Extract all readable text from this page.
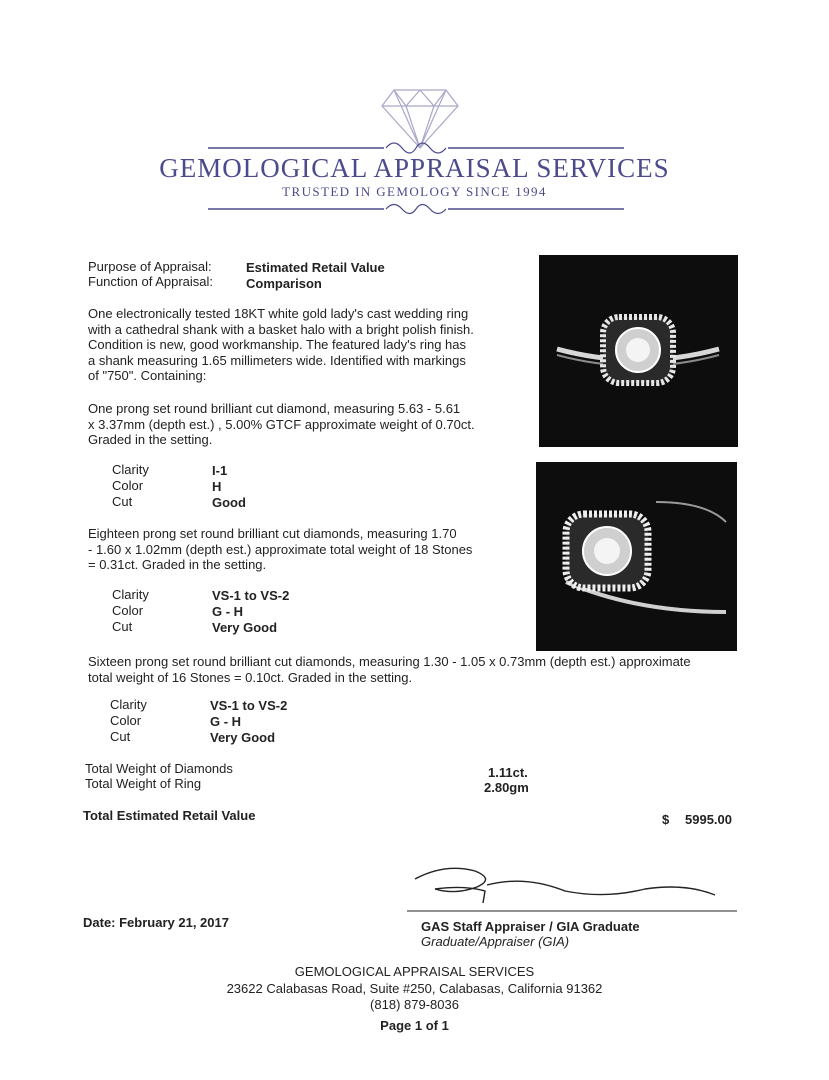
GEMOLOGICAL APPRAISAL SERVICES
TRUSTED IN GEMOLOGY SINCE 1994
Purpose of Appraisal:	Estimated Retail Value
Function of Appraisal:	Comparison
One electronically tested 18KT white gold lady's cast wedding ring
with a cathedral shank with a basket halo with a bright polish finish.
Condition is new, good workmanship. The featured lady's ring has
a shank measuring 1.65 millimeters wide. Identified with markings
of "750". Containing:
One prong set round brilliant cut diamond, measuring 5.63 - 5.61
x 3.37mm (depth est.) , 5.00% GTCF approximate weight of 0.70ct.
Graded in the setting.
Clarity	I-1
Color	H
Cut	Good
Eighteen prong set round brilliant cut diamonds, measuring 1.70
- 1.60 x 1.02mm (depth est.) approximate total weight of 18 Stones
= 0.31ct. Graded in the setting.
Clarity	VS-1 to VS-2
Color	G - H
Cut	Very Good
Sixteen prong set round brilliant cut diamonds, measuring 1.30 - 1.05 x 0.73mm (depth est.) approximate
total weight of 16 Stones = 0.10ct. Graded in the setting.
Clarity	VS-1 to VS-2
Color	G - H
Cut	Very Good
Total Weight of Diamonds	1.11ct.
Total Weight of Ring	2.80gm
Total Estimated Retail Value	$ 5995.00
Date: February 21, 2017	GAS Staff Appraiser / GIA Graduate
Graduate/Appraiser (GIA)
GEMOLOGICAL APPRAISAL SERVICES
23622 Calabasas Road, Suite #250, Calabasas, California 91362
(818) 879-8036
Page 1 of 1
